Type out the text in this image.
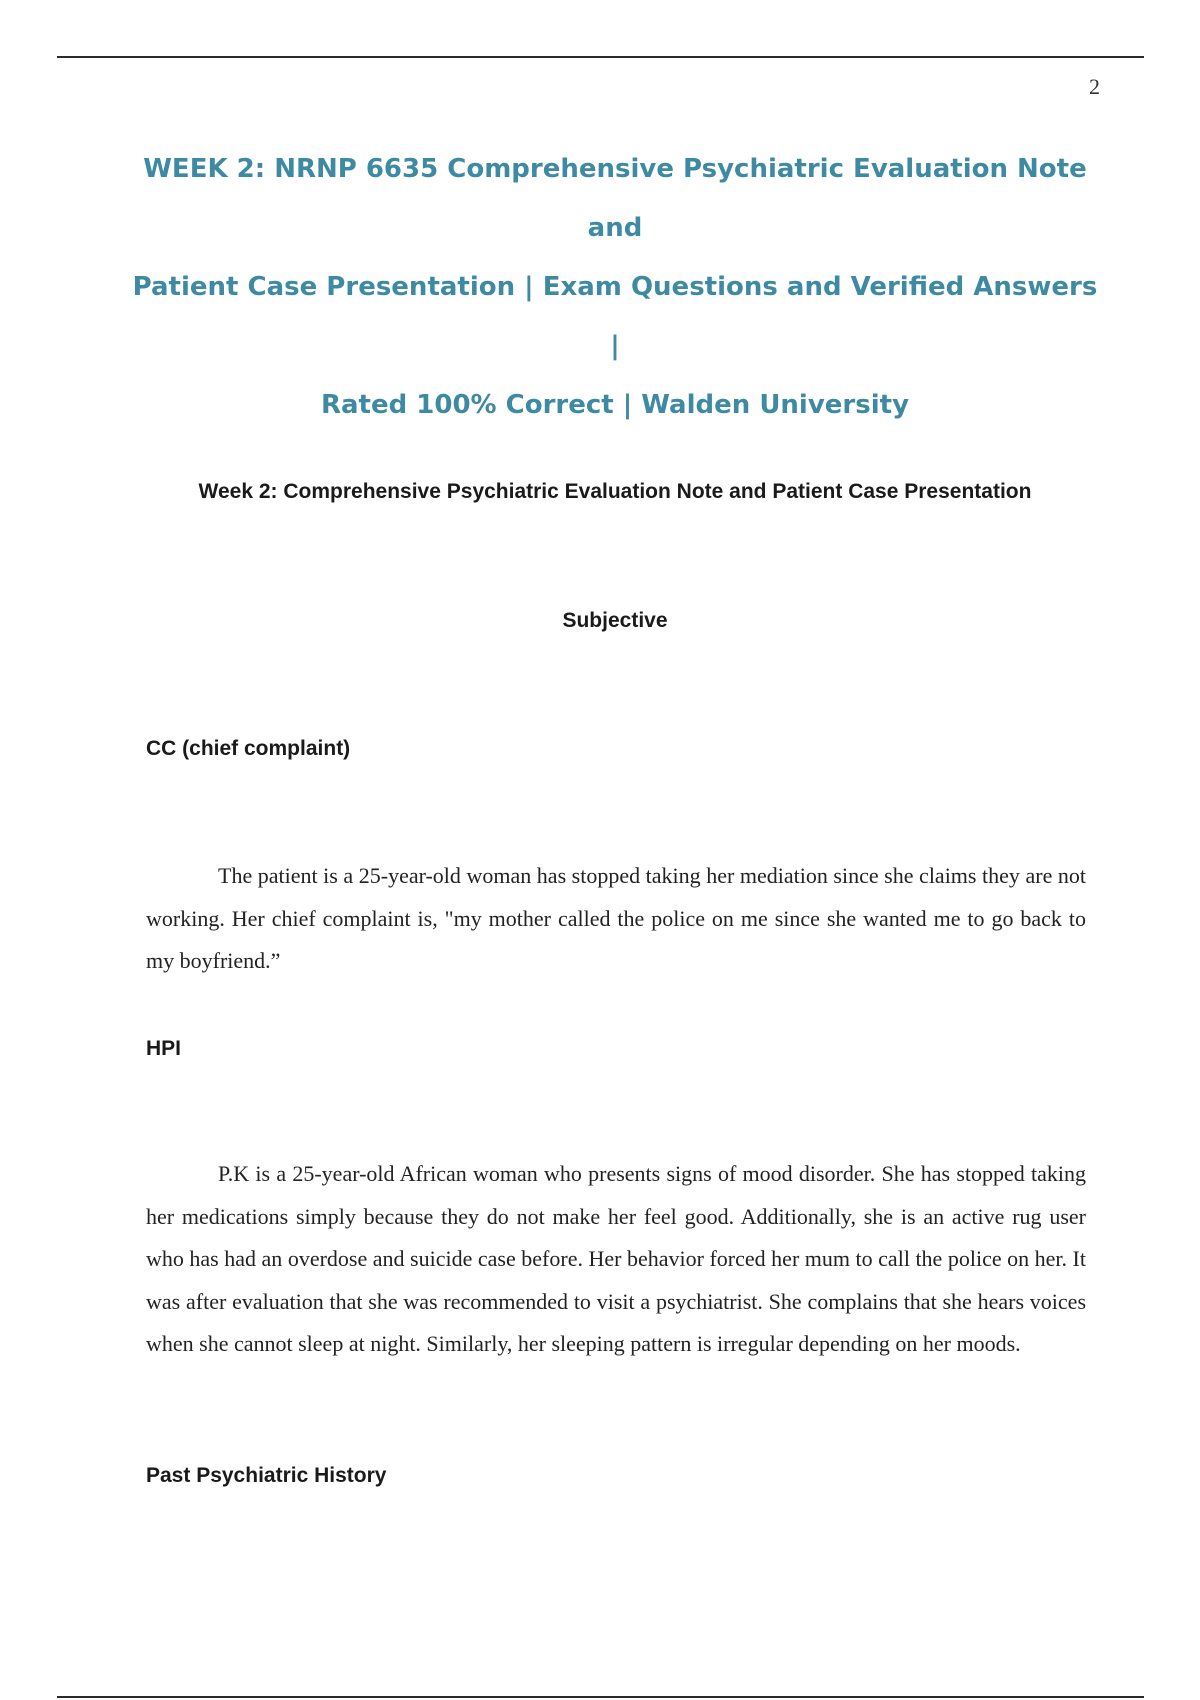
2
WEEK 2: NRNP 6635 Comprehensive Psychiatric Evaluation Note and
Patient Case Presentation | Exam Questions and Verified Answers |
Rated 100% Correct | Walden University
Week 2: Comprehensive Psychiatric Evaluation Note and Patient Case Presentation
Subjective
CC (chief complaint)

The patient is a 25-year-old woman has stopped taking her mediation since she claims they are not working. Her chief complaint is, "my mother called the police on me since she wanted me to go back to my boyfriend.”

HPI

P.K is a 25-year-old African woman who presents signs of mood disorder. She has stopped taking her medications simply because they do not make her feel good. Additionally, she is an active rug user who has had an overdose and suicide case before. Her behavior forced her mum to call the police on her. It was after evaluation that she was recommended to visit a psychiatrist. She complains that she hears voices when she cannot sleep at night. Similarly, her sleeping pattern is irregular depending on her moods.

Past Psychiatric History
